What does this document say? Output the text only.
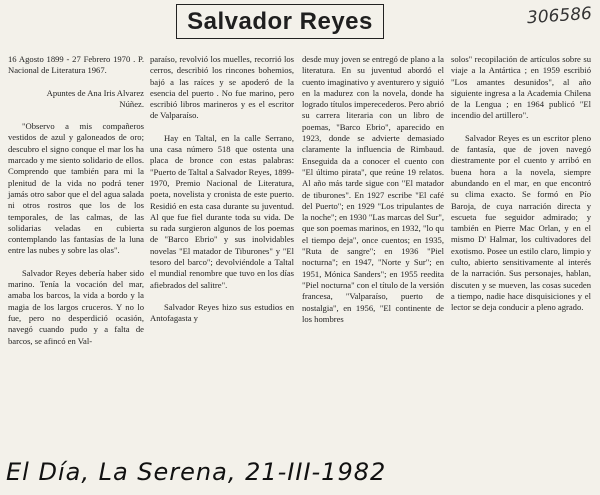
Salvador Reyes	306586

16 Agosto 1899 - 27 Febrero 1970 . P. Nacional de Literatura 1967.

Apuntes de Ana Iris Alvarez Núñez.

"Observo a mis compañeros vestidos de azul y galoneados de oro; descubro el signo conque el mar los ha marcado y me siento solidario de ellos. Comprendo que también para mi la plenitud de la vida no podrá tener jamás otro sabor que el del agua salada ni otros rostros que los de los temporales, de las calmas, de las solidarias veladas en cubierta contemplando las fantasías de la luna entre las nubes y sobre las olas".

Salvador Reyes debería haber sido marino. Tenía la vocación del mar, amaba los barcos, la vida a bordo y la magia de los largos cruceros. Y no lo fue, pero no desperdició ocasión, navegó cuando pudo y a falta de barcos, se afincó en Val-

paraíso, revolvió los muelles, recorrió los cerros, describió los rincones bohemios, bajó a las raíces y se apoderó de la esencia del puerto . No fue marino, pero escribió libros marineros y es el escritor de Valparaíso.

Hay en Taltal, en la calle Serrano, una casa número 518 que ostenta una placa de bronce con estas palabras: "Puerto de Taltal a Salvador Reyes, 1899-1970, Premio Nacional de Literatura, poeta, novelista y cronista de este puerto. Residió en esta casa durante su juventud. Al que fue fiel durante toda su vida. De su rada surgieron algunos de los poemas de "Barco Ebrio" y sus inolvidables novelas "El matador de Tiburones" y "El tesoro del barco"; devolviéndole a Taltal el mundial renombre que tuvo en los días afiebrados del salitre".

Salvador Reyes hizo sus estudios en Antofagasta y

desde muy joven se entregó de plano a la literatura. En su juventud abordó el cuento imaginativo y aventurero y siguió en la madurez con la novela, donde ha logrado títulos imperecederos. Pero abrió su carrera literaria con un libro de poemas, "Barco Ebrio", aparecido en 1923, donde se advierte demasiado claramente la influencia de Rimbaud. Enseguida da a conocer el cuento con "El último pirata", que reúne 19 relatos. Al año más tarde sigue con "El matador de tiburones". En 1927 escribe "El café del Puerto"; en 1929 "Los tripulantes de la noche"; en 1930 "Las marcas del Sur", que son poemas marinos, en 1932, "lo qu el tiempo deja", once cuentos; en 1935, "Ruta de sangre"; en 1936 "Piel nocturna"; en 1947, "Norte y Sur"; en 1951, Mónica Sanders"; en 1955 reedita "Piel nocturna" con el título de la versión francesa, "Valparaíso, puerto de nostalgia", en 1956, "El continente de los hombres

solos" recopilación de artículos sobre su viaje a la Antártica ; en 1959 escribió "Los amantes desunidos", al año siguiente ingresa a la Academia Chilena de la Lengua ; en 1964 publicó "El incendio del artillero".

Salvador Reyes es un escritor pleno de fantasía, que de joven navegó diestramente por el cuento y arribó en buena hora a la novela, siempre abundando en el mar, en que encontró su clima exacto. Se formó en Pío Baroja, de cuya narración directa y escueta fue seguidor admirado; y también en Pierre Mac Orlan, y en el mismo D' Halmar, los cultivadores del exotismo. Posee un estilo claro, limpio y culto, abierto sensitivamente al interés de la narración. Sus personajes, hablan, discuten y se mueven, las cosas suceden a tiempo, nadie hace disquisiciones y el lector se deja conducir a pleno agrado.

El Día, La Serena, 21-III-1982
